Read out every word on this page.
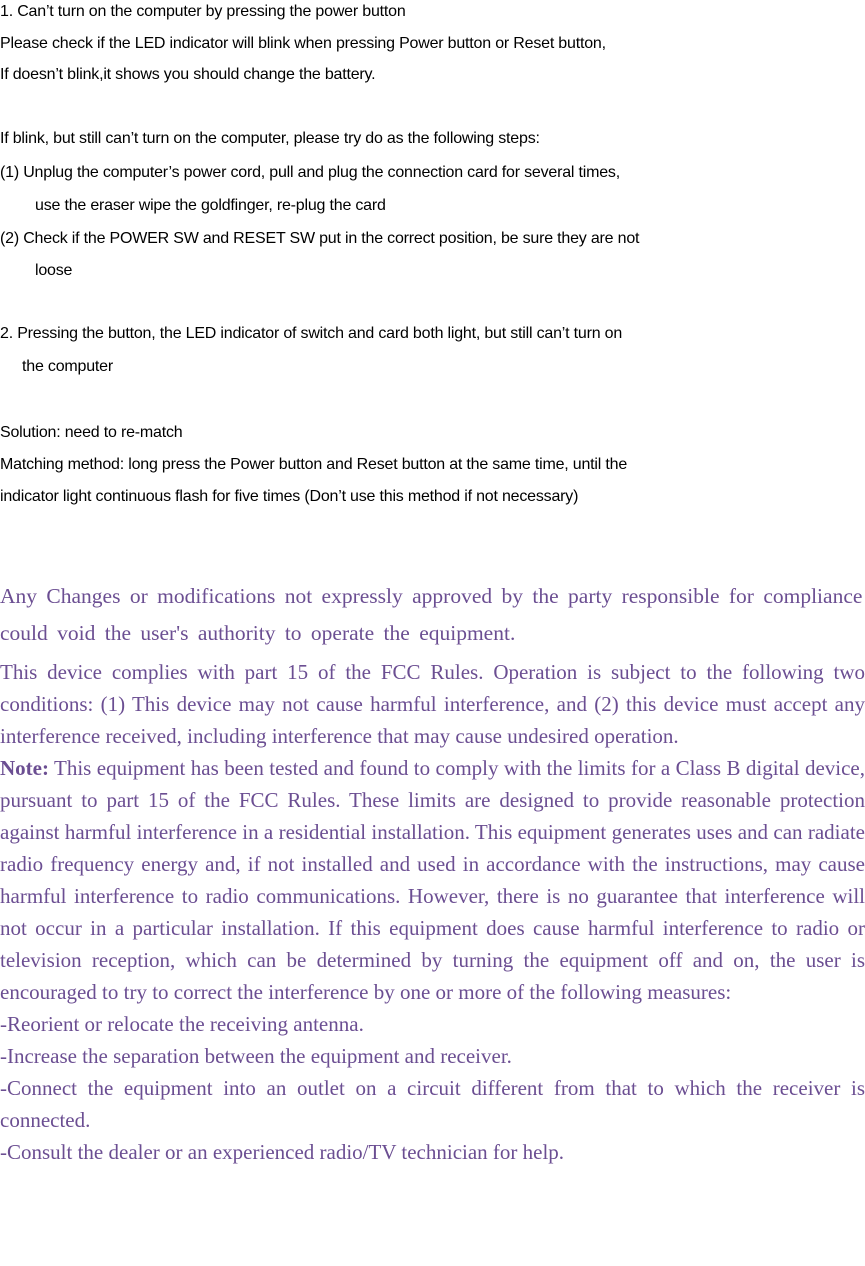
1. Can’t turn on the computer by pressing the power button
Please check if the LED indicator will blink when pressing Power button or Reset button,
If doesn’t blink,it shows you should change the battery.
If blink, but still can’t turn on the computer, please try do as the following steps:
(1) Unplug the computer’s power cord, pull and plug the connection card for several times,
use the eraser wipe the goldfinger, re-plug the card
(2) Check if the POWER SW and RESET SW put in the correct position, be sure they are not
loose
2. Pressing the button, the LED indicator of switch and card both light, but still can’t turn on
the computer
Solution: need to re-match
Matching method: long press the Power button and Reset button at the same time, until the
indicator light continuous flash for five times (Don’t use this method if not necessary)

Any Changes or modifications not expressly approved by the party responsible for compliance could void the user's authority to operate the equipment.

This device complies with part 15 of the FCC Rules. Operation is subject to the following two conditions: (1) This device may not cause harmful interference, and (2) this device must accept any interference received, including interference that may cause undesired operation.

Note: This equipment has been tested and found to comply with the limits for a Class B digital device, pursuant to part 15 of the FCC Rules. These limits are designed to provide reasonable protection against harmful interference in a residential installation. This equipment generates uses and can radiate radio frequency energy and, if not installed and used in accordance with the instructions, may cause harmful interference to radio communications. However, there is no guarantee that interference will not occur in a particular installation. If this equipment does cause harmful interference to radio or television reception, which can be determined by turning the equipment off and on, the user is encouraged to try to correct the interference by one or more of the following measures:

-Reorient or relocate the receiving antenna.

-Increase the separation between the equipment and receiver.

-Connect the equipment into an outlet on a circuit different from that to which the receiver is connected.

-Consult the dealer or an experienced radio/TV technician for help.
